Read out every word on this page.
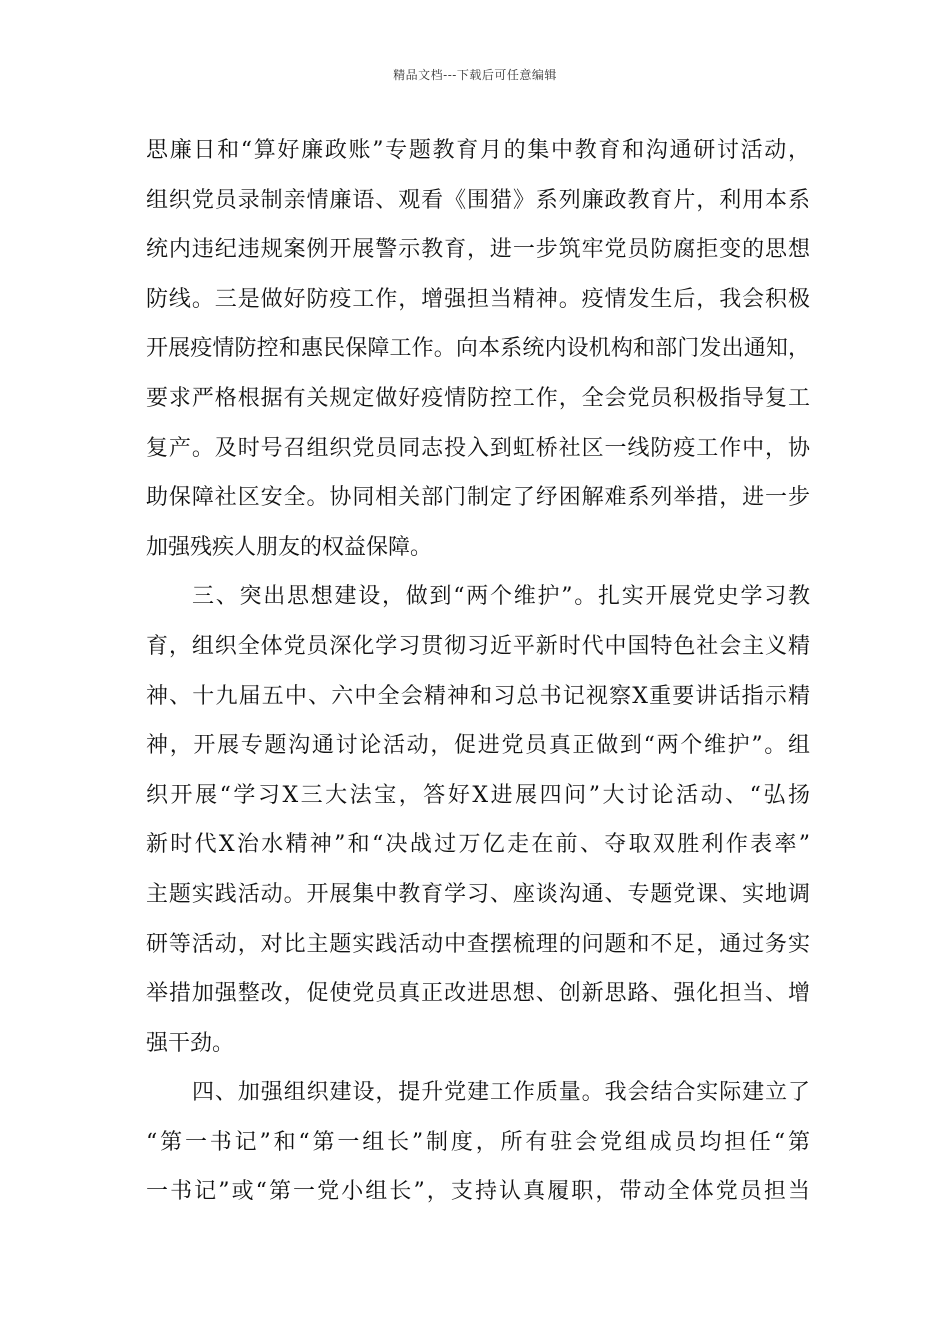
精品文档---下载后可任意编辑
思廉日和“算好廉政账”专题教育月的集中教育和沟通研讨活动，
组织党员录制亲情廉语、观看《围猎》系列廉政教育片，利用本系
统内违纪违规案例开展警示教育，进一步筑牢党员防腐拒变的思想
防线。三是做好防疫工作，增强担当精神。疫情发生后，我会积极
开展疫情防控和惠民保障工作。向本系统内设机构和部门发出通知，
要求严格根据有关规定做好疫情防控工作，全会党员积极指导复工
复产。及时号召组织党员同志投入到虹桥社区一线防疫工作中，协
助保障社区安全。协同相关部门制定了纾困解难系列举措，进一步
加强残疾人朋友的权益保障。
三、突出思想建设，做到“两个维护”。扎实开展党史学习教
育，组织全体党员深化学习贯彻习近平新时代中国特色社会主义精
神、十九届五中、六中全会精神和习总书记视察X重要讲话指示精
神，开展专题沟通讨论活动，促进党员真正做到“两个维护”。组
织开展“学习X三大法宝，答好X进展四问”大讨论活动、“弘扬
新时代X治水精神”和“决战过万亿走在前、夺取双胜利作表率”
主题实践活动。开展集中教育学习、座谈沟通、专题党课、实地调
研等活动，对比主题实践活动中查摆梳理的问题和不足，通过务实
举措加强整改，促使党员真正改进思想、创新思路、强化担当、增
强干劲。
四、加强组织建设，提升党建工作质量。我会结合实际建立了
“第一书记”和“第一组长”制度，所有驻会党组成员均担任“第
一书记”或“第一党小组长”，支持认真履职，带动全体党员担当
